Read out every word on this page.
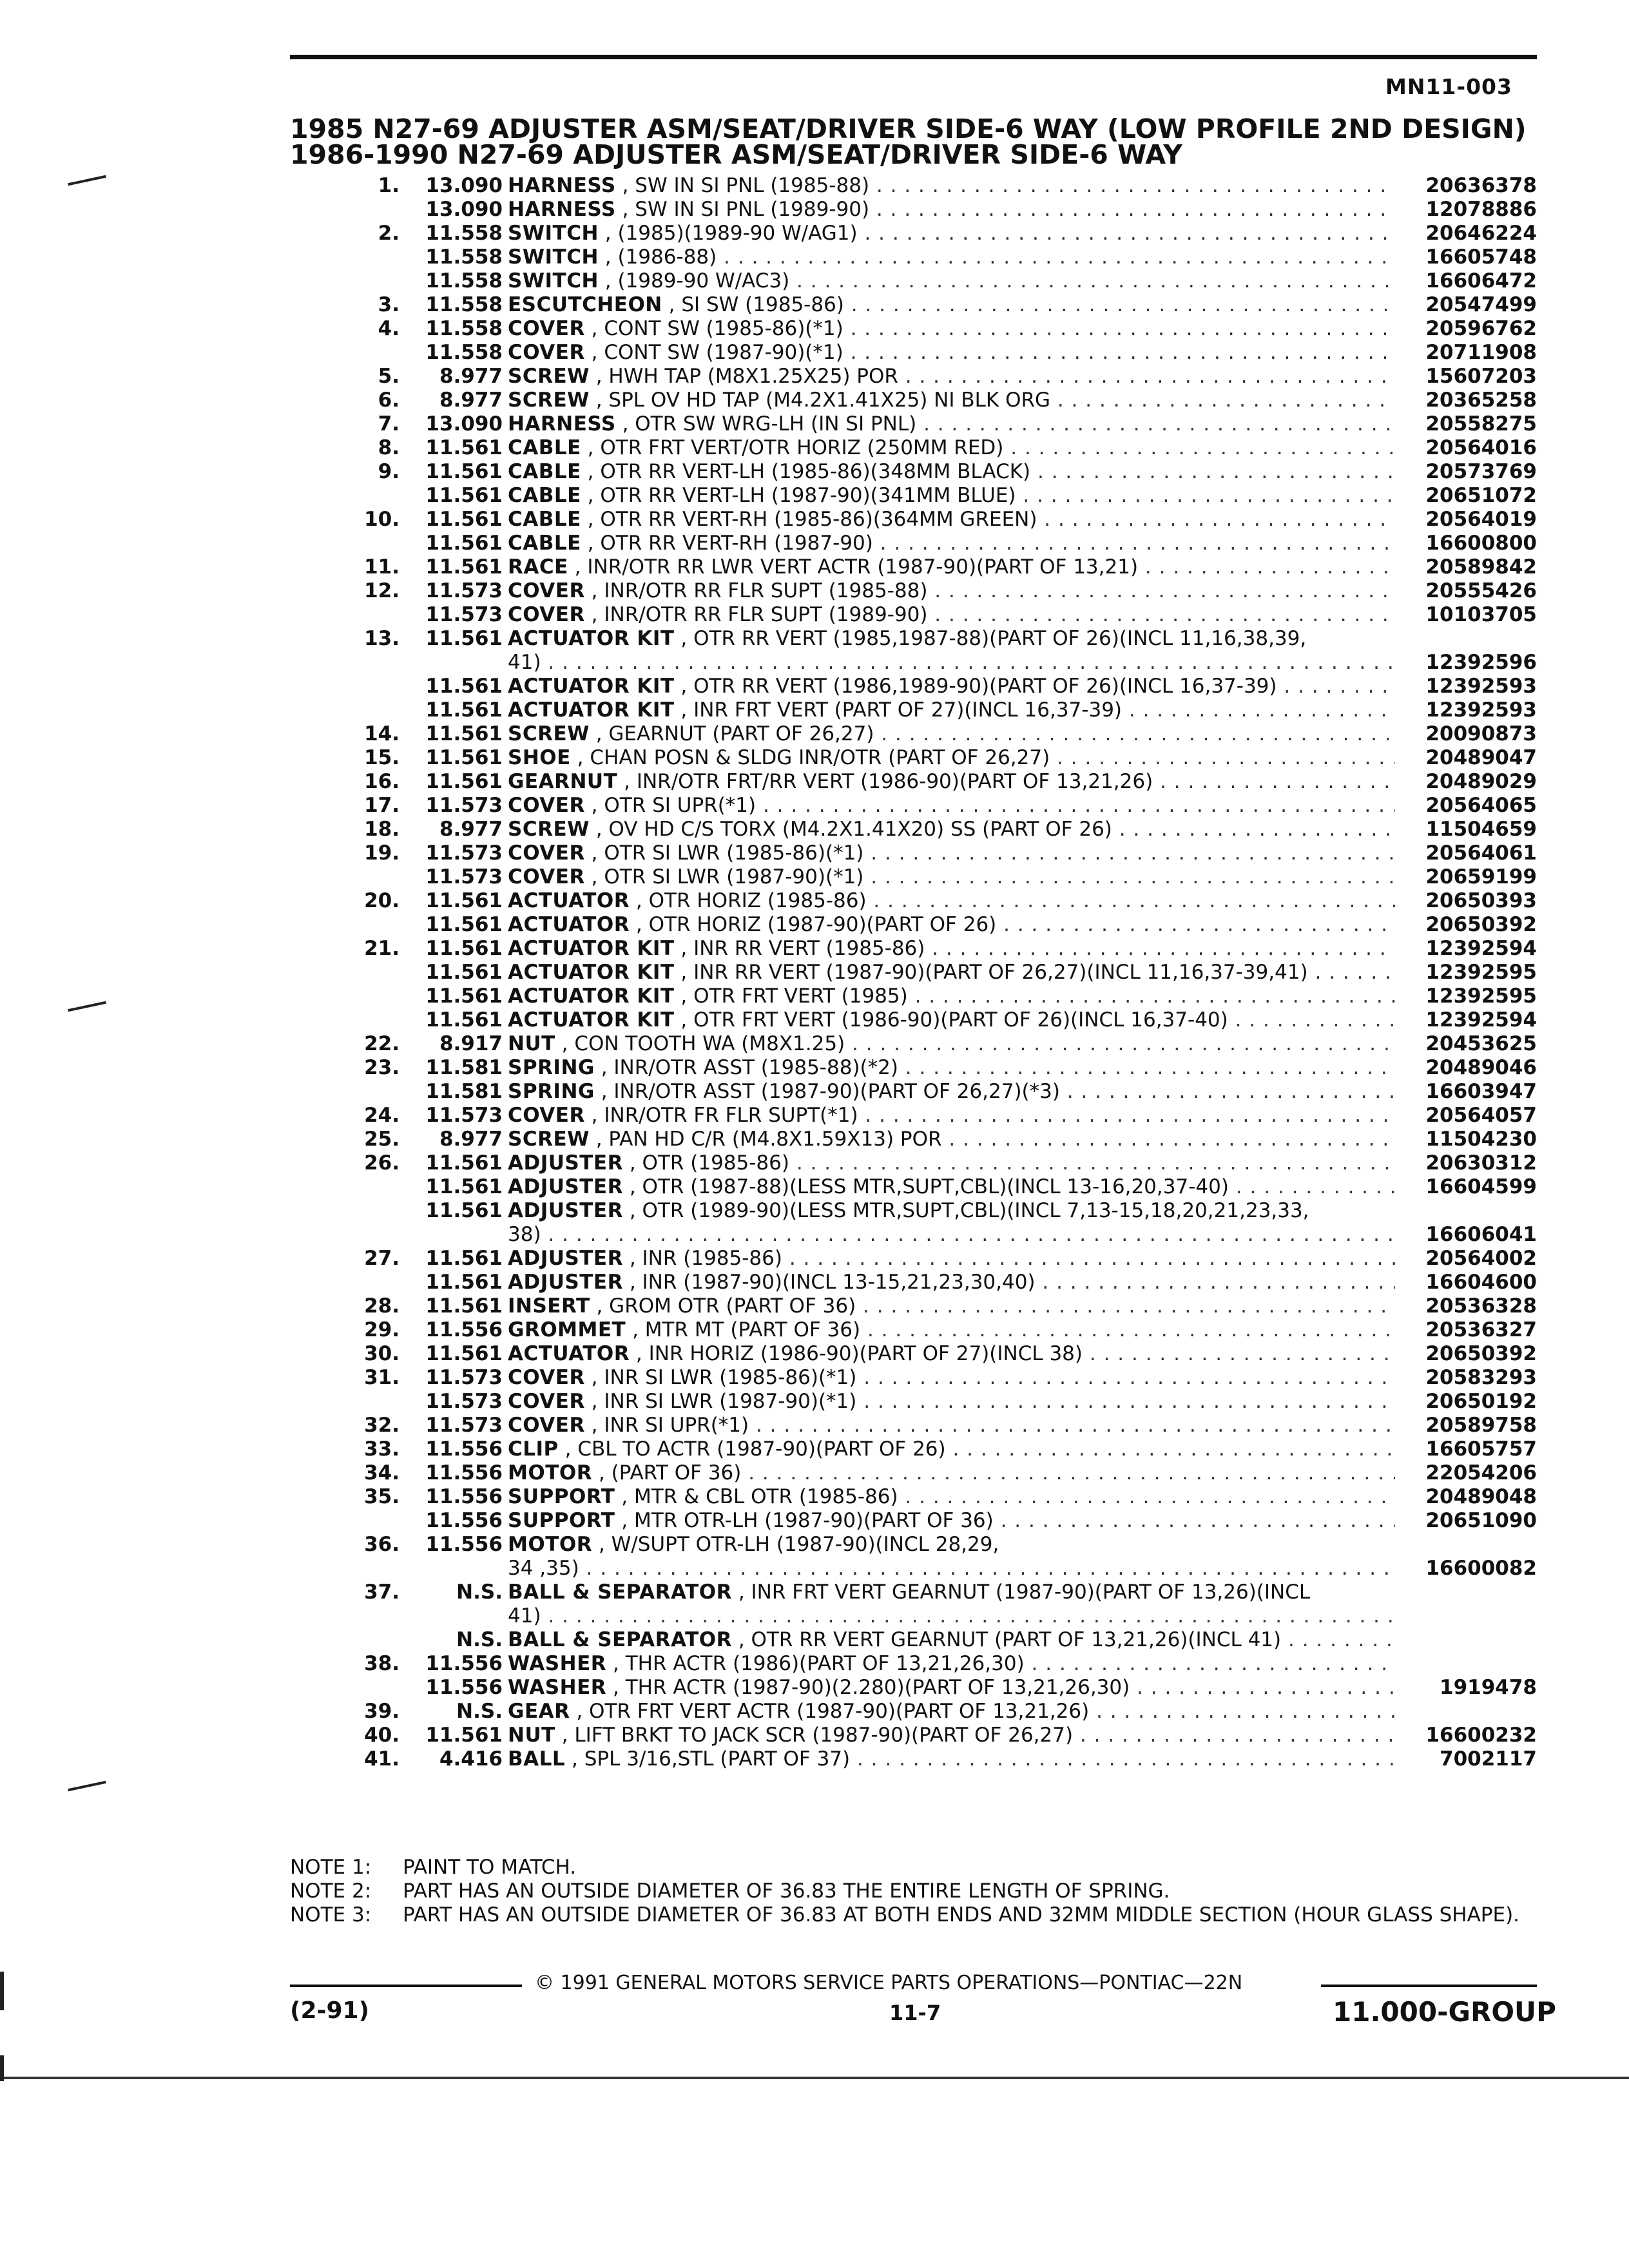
MN11-003
1985 N27-69 ADJUSTER ASM/SEAT/DRIVER SIDE-6 WAY (LOW PROFILE 2ND DESIGN)
1986-1990 N27-69 ADJUSTER ASM/SEAT/DRIVER SIDE-6 WAY
1.	13.090 HARNESS , SW IN SI PNL (1985-88) . . .	20636378
13.090 HARNESS , SW IN SI PNL (1989-90) . . .	12078886
2.	11.558 SWITCH , (1985)(1989-90 W/AG1) . . .	20646224
11.558 SWITCH , (1986-88) . . .	16605748
11.558 SWITCH , (1989-90 W/AC3) . . .	16606472
3.	11.558 ESCUTCHEON , SI SW (1985-86) . . .	20547499
4.	11.558 COVER , CONT SW (1985-86)(*1) . . .	20596762
11.558 COVER , CONT SW (1987-90)(*1) . . .	20711908
5.	8.977 SCREW , HWH TAP (M8X1.25X25) POR . . .	15607203
6.	8.977 SCREW , SPL OV HD TAP (M4.2X1.41X25) NI BLK ORG . . .	20365258
7.	13.090 HARNESS , OTR SW WRG-LH (IN SI PNL) . . .	20558275
8.	11.561 CABLE , OTR FRT VERT/OTR HORIZ (250MM RED) . . .	20564016
9.	11.561 CABLE , OTR RR VERT-LH (1985-86)(348MM BLACK) . . .	20573769
11.561 CABLE , OTR RR VERT-LH (1987-90)(341MM BLUE) . . .	20651072
10.	11.561 CABLE , OTR RR VERT-RH (1985-86)(364MM GREEN) . . .	20564019
11.561 CABLE , OTR RR VERT-RH (1987-90) . . .	16600800
11.	11.561 RACE , INR/OTR RR LWR VERT ACTR (1987-90)(PART OF 13,21) . . .	20589842
12.	11.573 COVER , INR/OTR RR FLR SUPT (1985-88) . . .	20555426
11.573 COVER , INR/OTR RR FLR SUPT (1989-90) . . .	10103705
13.	11.561 ACTUATOR KIT , OTR RR VERT (1985,1987-88)(PART OF 26)(INCL 11,16,38,39,
41) . . .	12392596
11.561 ACTUATOR KIT , OTR RR VERT (1986,1989-90)(PART OF 26)(INCL 16,37-39) . . .	12392593
11.561 ACTUATOR KIT , INR FRT VERT (PART OF 27)(INCL 16,37-39) . . .	12392593
14.	11.561 SCREW , GEARNUT (PART OF 26,27) . . .	20090873
15.	11.561 SHOE , CHAN POSN & SLDG INR/OTR (PART OF 26,27) . . .	20489047
16.	11.561 GEARNUT , INR/OTR FRT/RR VERT (1986-90)(PART OF 13,21,26) . . .	20489029
17.	11.573 COVER , OTR SI UPR(*1) . . .	20564065
18.	8.977 SCREW , OV HD C/S TORX (M4.2X1.41X20) SS (PART OF 26) . . .	11504659
19.	11.573 COVER , OTR SI LWR (1985-86)(*1) . . .	20564061
11.573 COVER , OTR SI LWR (1987-90)(*1) . . .	20659199
20.	11.561 ACTUATOR , OTR HORIZ (1985-86) . . .	20650393
11.561 ACTUATOR , OTR HORIZ (1987-90)(PART OF 26) . . .	20650392
21.	11.561 ACTUATOR KIT , INR RR VERT (1985-86) . . .	12392594
11.561 ACTUATOR KIT , INR RR VERT (1987-90)(PART OF 26,27)(INCL 11,16,37-39,41) . . .	12392595
11.561 ACTUATOR KIT , OTR FRT VERT (1985) . . .	12392595
11.561 ACTUATOR KIT , OTR FRT VERT (1986-90)(PART OF 26)(INCL 16,37-40) . . .	12392594
22.	8.917 NUT , CON TOOTH WA (M8X1.25) . . .	20453625
23.	11.581 SPRING , INR/OTR ASST (1985-88)(*2) . . .	20489046
11.581 SPRING , INR/OTR ASST (1987-90)(PART OF 26,27)(*3) . . .	16603947
24.	11.573 COVER , INR/OTR FR FLR SUPT(*1) . . .	20564057
25.	8.977 SCREW , PAN HD C/R (M4.8X1.59X13) POR . . .	11504230
26.	11.561 ADJUSTER , OTR (1985-86) . . .	20630312
11.561 ADJUSTER , OTR (1987-88)(LESS MTR,SUPT,CBL)(INCL 13-16,20,37-40) . . .	16604599
11.561 ADJUSTER , OTR (1989-90)(LESS MTR,SUPT,CBL)(INCL 7,13-15,18,20,21,23,33,
38) . . .	16606041
27.	11.561 ADJUSTER , INR (1985-86) . . .	20564002
11.561 ADJUSTER , INR (1987-90)(INCL 13-15,21,23,30,40) . . .	16604600
28.	11.561 INSERT , GROM OTR (PART OF 36) . . .	20536328
29.	11.556 GROMMET , MTR MT (PART OF 36) . . .	20536327
30.	11.561 ACTUATOR , INR HORIZ (1986-90)(PART OF 27)(INCL 38) . . .	20650392
31.	11.573 COVER , INR SI LWR (1985-86)(*1) . . .	20583293
11.573 COVER , INR SI LWR (1987-90)(*1) . . .	20650192
32.	11.573 COVER , INR SI UPR(*1) . . .	20589758
33.	11.556 CLIP , CBL TO ACTR (1987-90)(PART OF 26) . . .	16605757
34.	11.556 MOTOR , (PART OF 36) . . .	22054206
35.	11.556 SUPPORT , MTR & CBL OTR (1985-86) . . .	20489048
11.556 SUPPORT , MTR OTR-LH (1987-90)(PART OF 36) . . .	20651090
36.	11.556 MOTOR , W/SUPT OTR-LH (1987-90)(INCL 28,29,
34 ,35) . . .	16600082
37.	N.S. BALL & SEPARATOR , INR FRT VERT GEARNUT (1987-90)(PART OF 13,26)(INCL
41) . . .
N.S. BALL & SEPARATOR , OTR RR VERT GEARNUT (PART OF 13,21,26)(INCL 41) . . .
38.	11.556 WASHER , THR ACTR (1986)(PART OF 13,21,26,30) . . .
11.556 WASHER , THR ACTR (1987-90)(2.280)(PART OF 13,21,26,30) . . .	1919478
39.	N.S. GEAR , OTR FRT VERT ACTR (1987-90)(PART OF 13,21,26) . . .
40.	11.561 NUT , LIFT BRKT TO JACK SCR (1987-90)(PART OF 26,27) . . .	16600232
41.	4.416 BALL , SPL 3/16,STL (PART OF 37) . . .	7002117
NOTE 1:	PAINT TO MATCH.
NOTE 2:	PART HAS AN OUTSIDE DIAMETER OF 36.83 THE ENTIRE LENGTH OF SPRING.
NOTE 3:	PART HAS AN OUTSIDE DIAMETER OF 36.83 AT BOTH ENDS AND 32MM MIDDLE SECTION (HOUR GLASS SHAPE).
© 1991 GENERAL MOTORS SERVICE PARTS OPERATIONS—PONTIAC—22N
(2-91)	11-7	11.000-GROUP
